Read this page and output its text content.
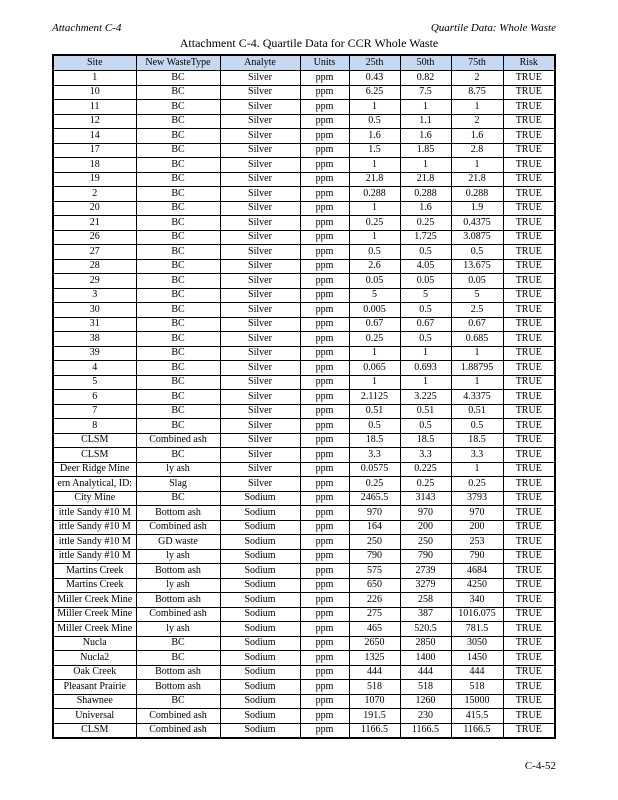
Attachment C-4	Quartile Data: Whole Waste
Attachment C-4. Quartile Data for CCR Whole Waste
Site	New WasteType	Analyte	Units	25th	50th	75th	Risk
1	BC	Silver	ppm	0.43	0.82	2	TRUE
10	BC	Silver	ppm	6.25	7.5	8.75	TRUE
11	BC	Silver	ppm	1	1	1	TRUE
12	BC	Silver	ppm	0.5	1.1	2	TRUE
14	BC	Silver	ppm	1.6	1.6	1.6	TRUE
17	BC	Silver	ppm	1.5	1.85	2.8	TRUE
18	BC	Silver	ppm	1	1	1	TRUE
19	BC	Silver	ppm	21.8	21.8	21.8	TRUE
2	BC	Silver	ppm	0.288	0.288	0.288	TRUE
20	BC	Silver	ppm	1	1.6	1.9	TRUE
21	BC	Silver	ppm	0.25	0.25	0.4375	TRUE
26	BC	Silver	ppm	1	1.725	3.0875	TRUE
27	BC	Silver	ppm	0.5	0.5	0.5	TRUE
28	BC	Silver	ppm	2.6	4.05	13.675	TRUE
29	BC	Silver	ppm	0.05	0.05	0.05	TRUE
3	BC	Silver	ppm	5	5	5	TRUE
30	BC	Silver	ppm	0.005	0.5	2.5	TRUE
31	BC	Silver	ppm	0.67	0.67	0.67	TRUE
38	BC	Silver	ppm	0.25	0.5	0.685	TRUE
39	BC	Silver	ppm	1	1	1	TRUE
4	BC	Silver	ppm	0.065	0.693	1.88795	TRUE
5	BC	Silver	ppm	1	1	1	TRUE
6	BC	Silver	ppm	2.1125	3.225	4.3375	TRUE
7	BC	Silver	ppm	0.51	0.51	0.51	TRUE
8	BC	Silver	ppm	0.5	0.5	0.5	TRUE
CLSM	Combined ash	Silver	ppm	18.5	18.5	18.5	TRUE
CLSM	BC	Silver	ppm	3.3	3.3	3.3	TRUE
Deer Ridge Mine	ly ash	Silver	ppm	0.0575	0.225	1	TRUE
ern Analytical, ID:	Slag	Silver	ppm	0.25	0.25	0.25	TRUE
City Mine	BC	Sodium	ppm	2465.5	3143	3793	TRUE
ittle Sandy #10 M	Bottom ash	Sodium	ppm	970	970	970	TRUE
ittle Sandy #10 M	Combined ash	Sodium	ppm	164	200	200	TRUE
ittle Sandy #10 M	GD waste	Sodium	ppm	250	250	253	TRUE
ittle Sandy #10 M	ly ash	Sodium	ppm	790	790	790	TRUE
Martins Creek	Bottom ash	Sodium	ppm	575	2739	4684	TRUE
Martins Creek	ly ash	Sodium	ppm	650	3279	4250	TRUE
Miller Creek Mine	Bottom ash	Sodium	ppm	226	258	340	TRUE
Miller Creek Mine	Combined ash	Sodium	ppm	275	387	1016.075	TRUE
Miller Creek Mine	ly ash	Sodium	ppm	465	520.5	781.5	TRUE
Nucla	BC	Sodium	ppm	2650	2850	3050	TRUE
Nucla2	BC	Sodium	ppm	1325	1400	1450	TRUE
Oak Creek	Bottom ash	Sodium	ppm	444	444	444	TRUE
Pleasant Prairie	Bottom ash	Sodium	ppm	518	518	518	TRUE
Shawnee	BC	Sodium	ppm	1070	1260	15000	TRUE
Universal	Combined ash	Sodium	ppm	191.5	230	415.5	TRUE
CLSM	Combined ash	Sodium	ppm	1166.5	1166.5	1166.5	TRUE
C-4-52
